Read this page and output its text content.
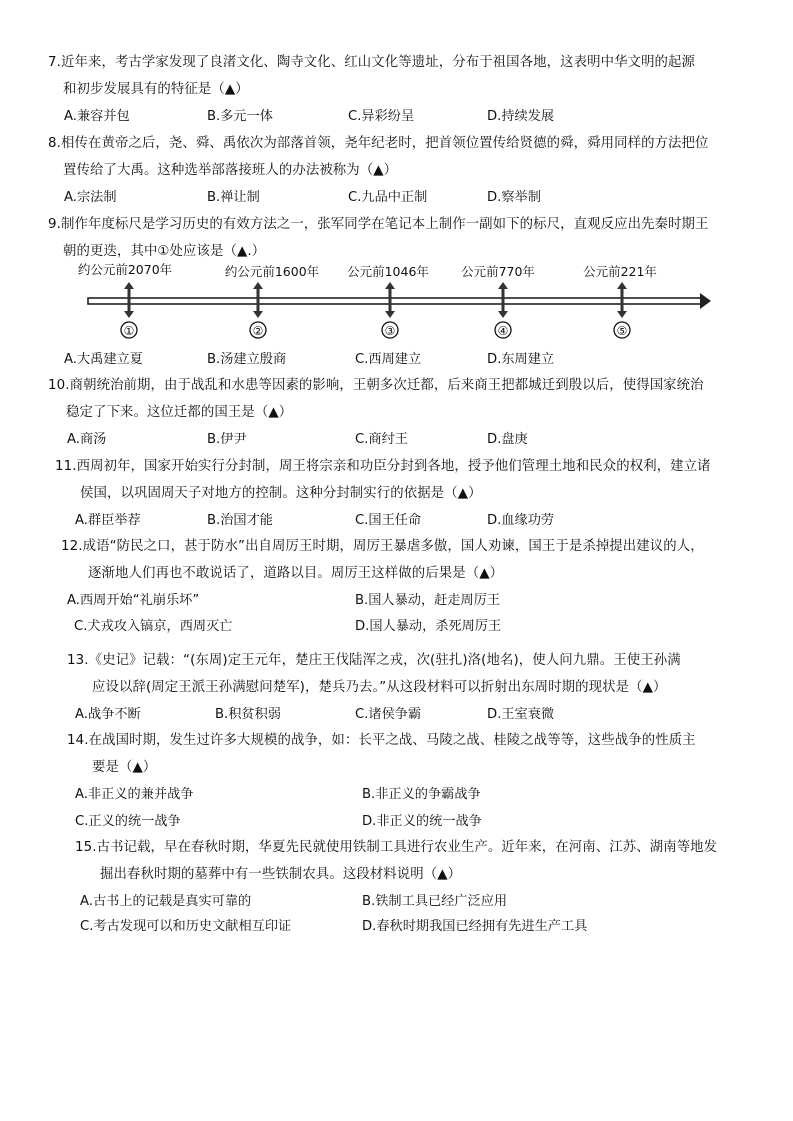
7.近年来，考古学家发现了良渚文化、陶寺文化、红山文化等遗址，分布于祖国各地，这表明中华文明的起源
和初步发展具有的特征是（▲）
A.兼容并包	B.多元一体	C.异彩纷呈	D.持续发展
8.相传在黄帝之后，尧、舜、禹依次为部落首领，尧年纪老时，把首领位置传给贤德的舜，舜用同样的方法把位
置传给了大禹。这种选举部落接班人的办法被称为（▲）
A.宗法制	B.禅让制	C.九品中正制	D.察举制
9.制作年度标尺是学习历史的有效方法之一，张军同学在笔记本上制作一副如下的标尺，直观反应出先秦时期王
朝的更迭，其中①处应该是（▲.）
约公元前2070年
①
约公元前1600年
②
公元前1046年
③
公元前770年
④
公元前221年
⑤
A.大禹建立夏	B.汤建立殷商	C.西周建立	D.东周建立
10.商朝统治前期，由于战乱和水患等因素的影响，王朝多次迁都，后来商王把都城迁到殷以后，使得国家统治
稳定了下来。这位迁都的国王是（▲）
A.商汤	B.伊尹	C.商纣王	D.盘庚
11.西周初年，国家开始实行分封制，周王将宗亲和功臣分封到各地，授予他们管理土地和民众的权利，建立诸
侯国，以巩固周天子对地方的控制。这种分封制实行的依据是（▲）
A.群臣举荐	B.治国才能	C.国王任命	D.血缘功劳
12.成语“防民之口，甚于防水”出自周厉王时期，周厉王暴虐多傲，国人劝谏，国王于是杀掉提出建议的人，
逐渐地人们再也不敢说话了，道路以目。周厉王这样做的后果是（▲）
A.西周开始“礼崩乐坏”	B.国人暴动，赶走周厉王
C.犬戎攻入镐京，西周灭亡	D.国人暴动，杀死周厉王
13.《史记》记载：“(东周)定王元年，楚庄王伐陆浑之戎，次(驻扎)洛(地名)，使人问九鼎。王使王孙满
应设以辞(周定王派王孙满慰问楚军)，楚兵乃去。”从这段材料可以折射出东周时期的现状是（▲）
A.战争不断	B.积贫积弱	C.诸侯争霸	D.王室衰微
14.在战国时期，发生过许多大规模的战争，如：长平之战、马陵之战、桂陵之战等等，这些战争的性质主
要是（▲）
A.非正义的兼并战争	B.非正义的争霸战争
C.正义的统一战争	D.非正义的统一战争
15.古书记载，早在春秋时期，华夏先民就使用铁制工具进行农业生产。近年来，在河南、江苏、湖南等地发
掘出春秋时期的墓葬中有一些铁制农具。这段材料说明（▲）
A.古书上的记载是真实可靠的	B.铁制工具已经广泛应用
C.考古发现可以和历史文献相互印证	D.春秋时期我国已经拥有先进生产工具
